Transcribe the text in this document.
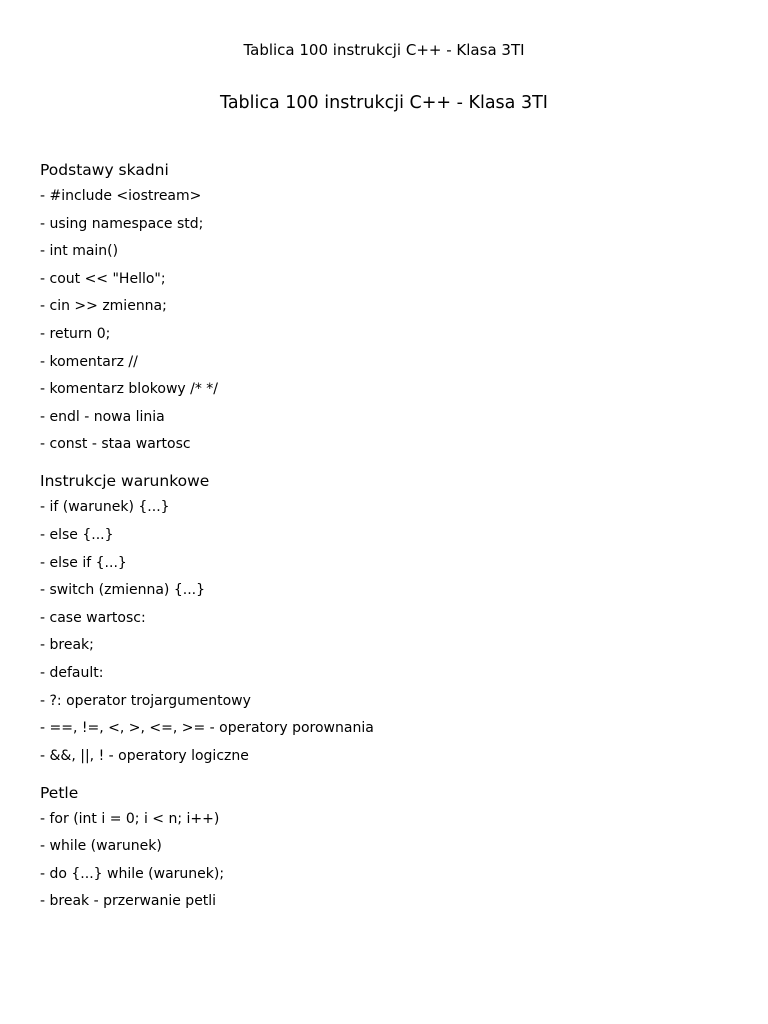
Tablica 100 instrukcji C++ - Klasa 3TI
Tablica 100 instrukcji C++ - Klasa 3TI
Podstawy skadni
- #include <iostream>
- using namespace std;
- int main()
- cout << "Hello";
- cin >> zmienna;
- return 0;
- komentarz //
- komentarz blokowy /* */
- endl - nowa linia
- const - staa wartosc
Instrukcje warunkowe
- if (warunek) {...}
- else {...}
- else if {...}
- switch (zmienna) {...}
- case wartosc:
- break;
- default:
- ?: operator trojargumentowy
- ==, !=, <, >, <=, >= - operatory porownania
- &&, ||, ! - operatory logiczne
Petle
- for (int i = 0; i < n; i++)
- while (warunek)
- do {...} while (warunek);
- break - przerwanie petli
